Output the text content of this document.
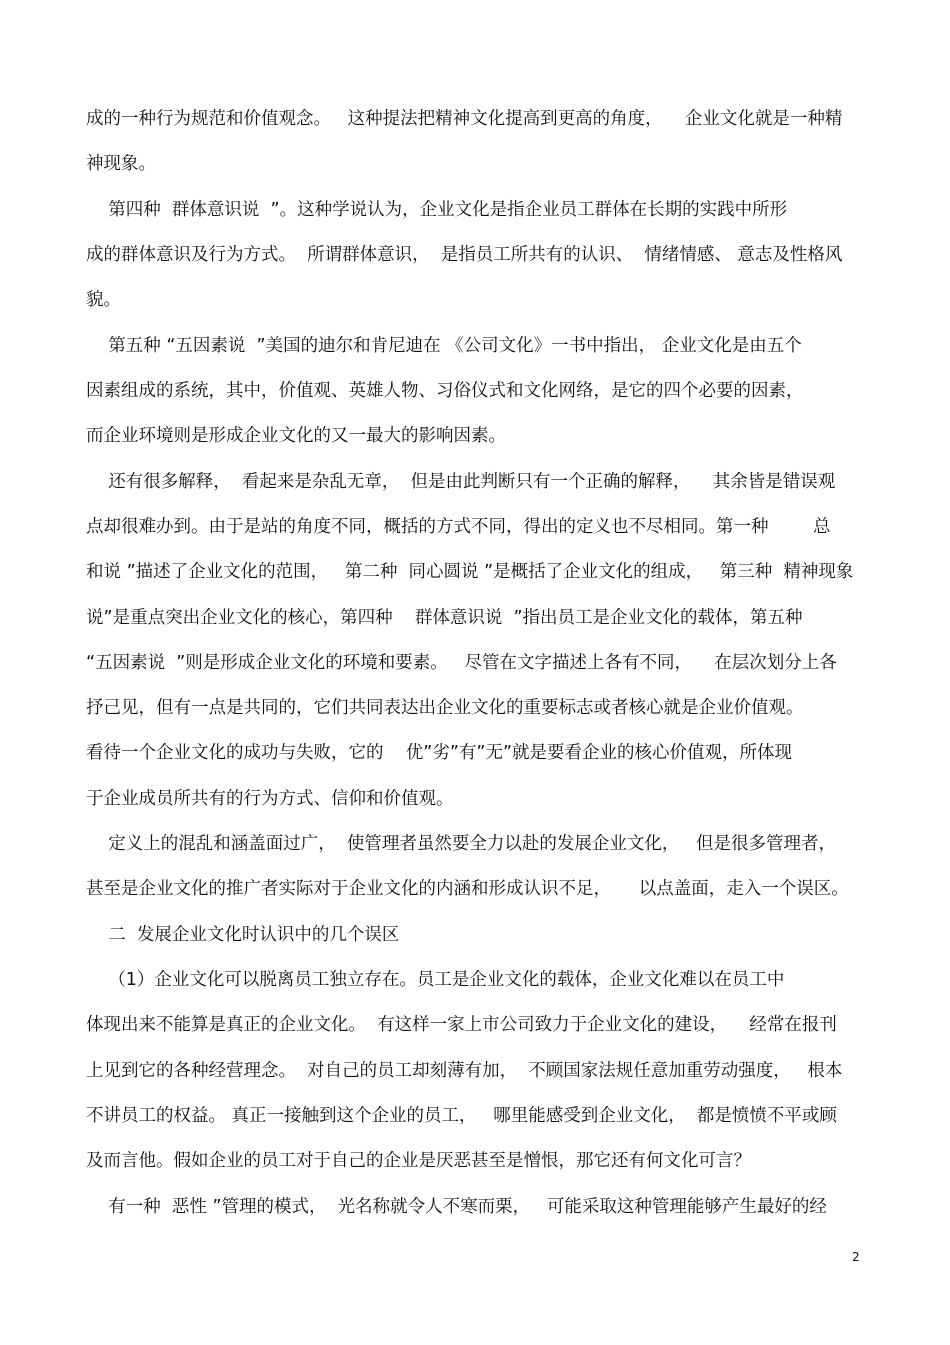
成的一种行为规范和价值观念。   这种提法把精神文化提高到更高的角度，    企业文化就是一种精

神现象。

第四种  群体意识说  ”。这种学说认为，企业文化是指企业员工群体在长期的实践中所形

成的群体意识及行为方式。  所谓群体意识，  是指员工所共有的认识、  情绪情感、 意志及性格风

貌。

第五种 “五因素说  ”美国的迪尔和肯尼迪在 《公司文化》一书中指出， 企业文化是由五个

因素组成的系统，其中，价值观、英雄人物、习俗仪式和文化网络，是它的四个必要的因素，

而企业环境则是形成企业文化的又一最大的影响因素。

还有很多解释，  看起来是杂乱无章，  但是由此判断只有一个正确的解释，    其余皆是错误观

点却很难办到。由于是站的角度不同，概括的方式不同，得出的定义也不尽相同。第一种        总

和说 ”描述了企业文化的范围，   第二种  同心圆说 ”是概括了企业文化的组成，   第三种  精神现象

说”是重点突出企业文化的核心，第四种    群体意识说  ”指出员工是企业文化的载体，第五种

“五因素说  ”则是形成企业文化的环境和要素。   尽管在文字描述上各有不同，    在层次划分上各

抒己见，但有一点是共同的，它们共同表达出企业文化的重要标志或者核心就是企业价值观。

看待一个企业文化的成功与失败，它的    优”劣”有”无”就是要看企业的核心价值观，所体现

于企业成员所共有的行为方式、信仰和价值观。

定义上的混乱和涵盖面过广，  使管理者虽然要全力以赴的发展企业文化，   但是很多管理者，

甚至是企业文化的推广者实际对于企业文化的内涵和形成认识不足，     以点盖面，走入一个误区。

二  发展企业文化时认识中的几个误区

（1）企业文化可以脱离员工独立存在。员工是企业文化的载体，企业文化难以在员工中

体现出来不能算是真正的企业文化。  有这样一家上市公司致力于企业文化的建设，    经常在报刊

上见到它的各种经营理念。  对自己的员工却刻薄有加，  不顾国家法规任意加重劳动强度，   根本

不讲员工的权益。 真正一接触到这个企业的员工，   哪里能感受到企业文化，  都是愤愤不平或顾

及而言他。假如企业的员工对于自己的企业是厌恶甚至是憎恨，那它还有何文化可言？

有一种  恶性 ”管理的模式，  光名称就令人不寒而栗，   可能采取这种管理能够产生最好的经

2
